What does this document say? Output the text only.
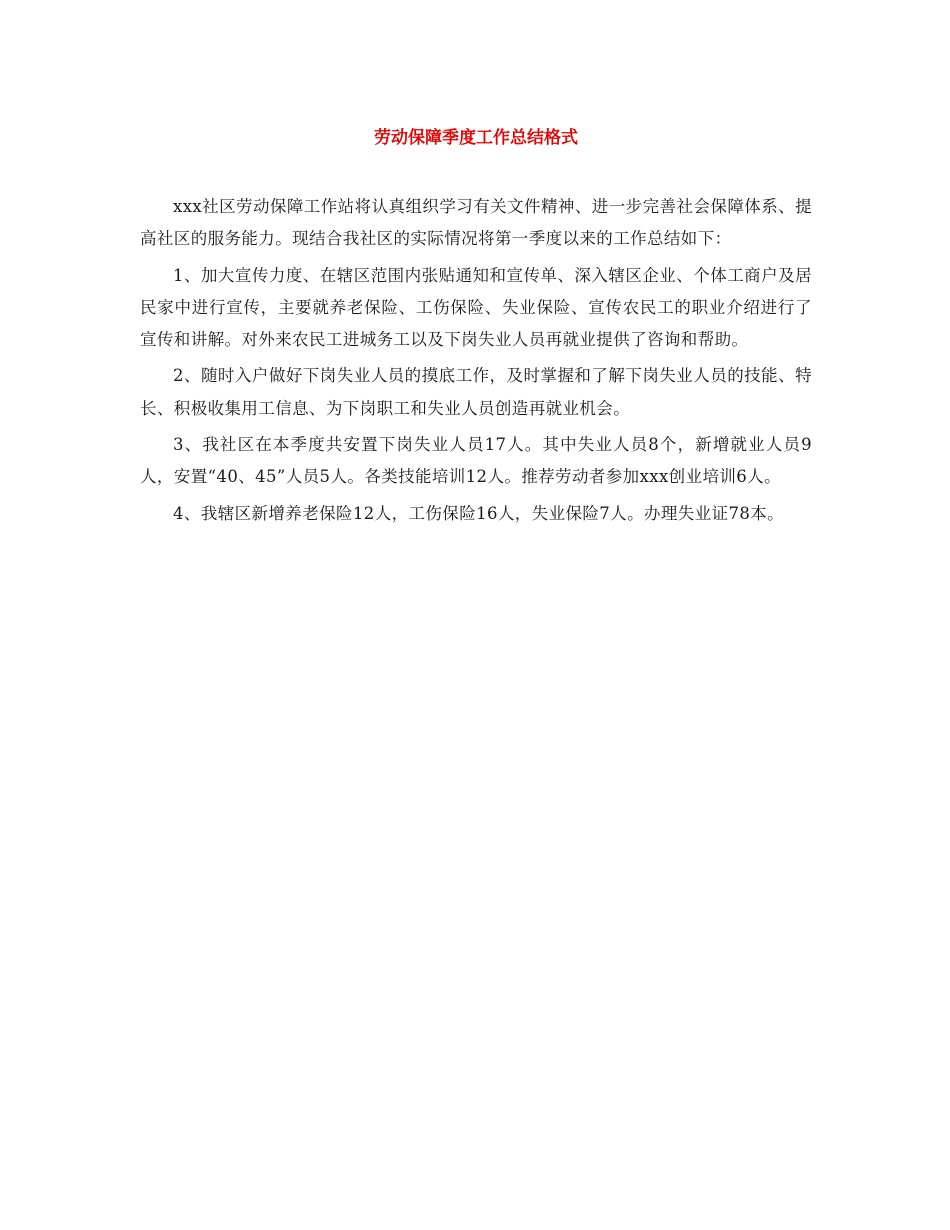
劳动保障季度工作总结格式

xxx社区劳动保障工作站将认真组织学习有关文件精神、进一步完善社会保障体系、提高社区的服务能力。现结合我社区的实际情况将第一季度以来的工作总结如下：

1、加大宣传力度、在辖区范围内张贴通知和宣传单、深入辖区企业、个体工商户及居民家中进行宣传，主要就养老保险、工伤保险、失业保险、宣传农民工的职业介绍进行了宣传和讲解。对外来农民工进城务工以及下岗失业人员再就业提供了咨询和帮助。

2、随时入户做好下岗失业人员的摸底工作，及时掌握和了解下岗失业人员的技能、特长、积极收集用工信息、为下岗职工和失业人员创造再就业机会。

3、我社区在本季度共安置下岗失业人员17人。其中失业人员8个，新增就业人员9人，安置“40、45”人员5人。各类技能培训12人。推荐劳动者参加xxx创业培训6人。

4、我辖区新增养老保险12人，工伤保险16人，失业保险7人。办理失业证78本。
